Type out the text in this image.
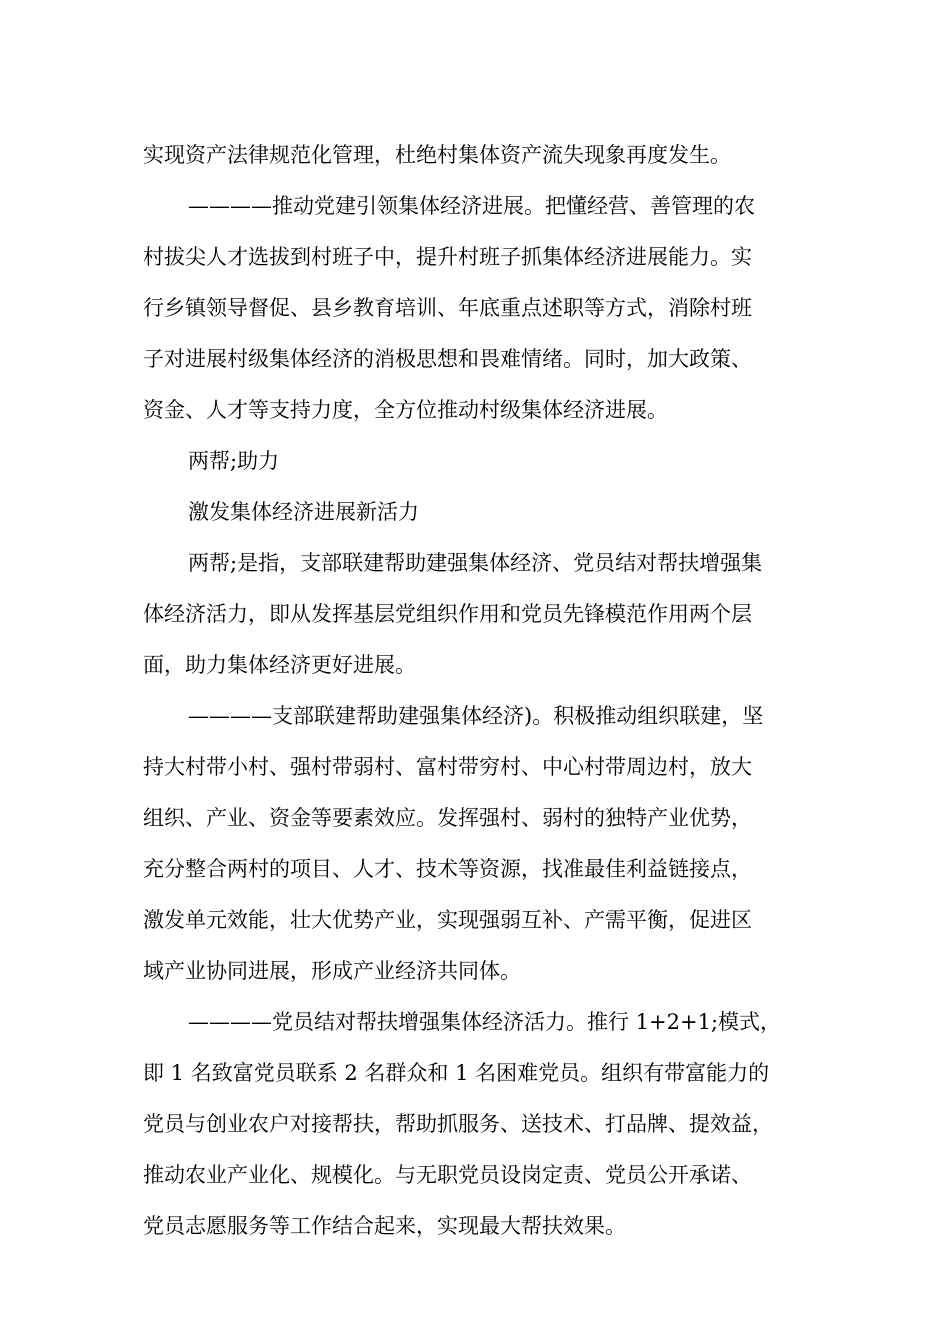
实现资产法律规范化管理，杜绝村集体资产流失现象再度发生。
————推动党建引领集体经济进展。把懂经营、善管理的农
村拔尖人才选拔到村班子中，提升村班子抓集体经济进展能力。实
行乡镇领导督促、县乡教育培训、年底重点述职等方式，消除村班
子对进展村级集体经济的消极思想和畏难情绪。同时，加大政策、
资金、人才等支持力度，全方位推动村级集体经济进展。
两帮;助力
激发集体经济进展新活力
两帮;是指，支部联建帮助建强集体经济、党员结对帮扶增强集
体经济活力，即从发挥基层党组织作用和党员先锋模范作用两个层
面，助力集体经济更好进展。
————支部联建帮助建强集体经济)。积极推动组织联建，坚
持大村带小村、强村带弱村、富村带穷村、中心村带周边村，放大
组织、产业、资金等要素效应。发挥强村、弱村的独特产业优势，
充分整合两村的项目、人才、技术等资源，找准最佳利益链接点，
激发单元效能，壮大优势产业，实现强弱互补、产需平衡，促进区
域产业协同进展，形成产业经济共同体。
————党员结对帮扶增强集体经济活力。推行 1+2+1;模式，
即 1 名致富党员联系 2 名群众和 1 名困难党员。组织有带富能力的
党员与创业农户对接帮扶，帮助抓服务、送技术、打品牌、提效益，
推动农业产业化、规模化。与无职党员设岗定责、党员公开承诺、
党员志愿服务等工作结合起来，实现最大帮扶效果。
